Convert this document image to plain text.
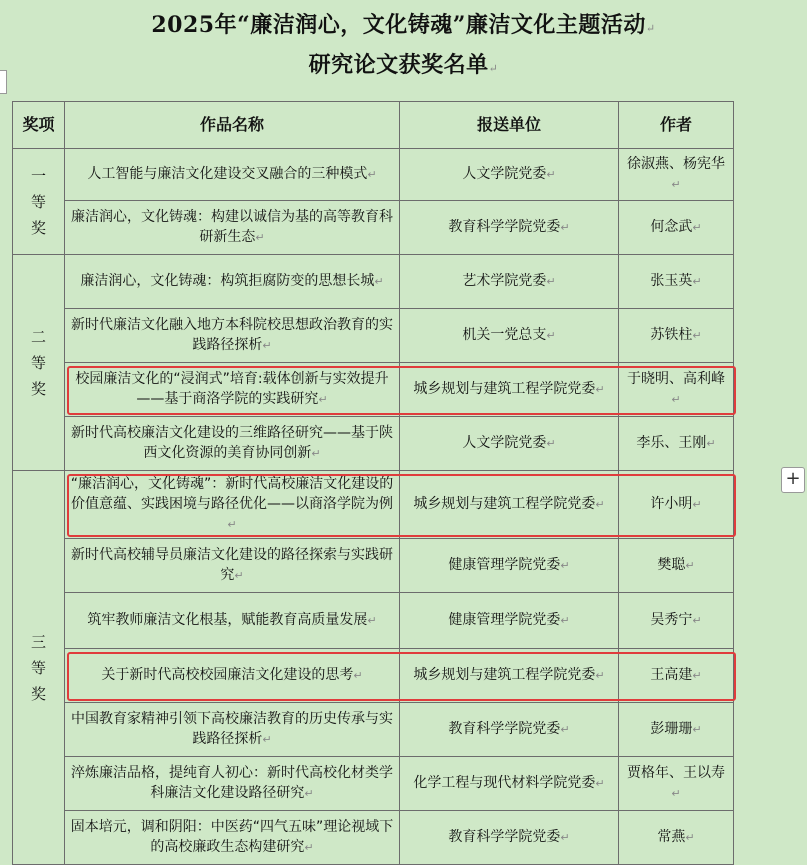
2025年“廉洁润心，文化铸魂”廉洁文化主题活动↵
研究论文获奖名单↵
奖项	作品名称	报送单位	作者
一等奖	人工智能与廉洁文化建设交叉融合的三种模式↵	人文学院党委↵	徐淑燕、杨宪华↵
	廉洁润心，文化铸魂：构建以诚信为基的高等教育科研新生态↵	教育科学学院党委↵	何念武↵
二等奖	廉洁润心，文化铸魂：构筑拒腐防变的思想长城↵	艺术学院党委↵	张玉英↵
	新时代廉洁文化融入地方本科院校思想政治教育的实践路径探析↵	机关一党总支↵	苏铁柱↵
	校园廉洁文化的“浸润式”培育:载体创新与实效提升——基于商洛学院的实践研究↵	城乡规划与建筑工程学院党委↵	于晓明、高利峰↵
	新时代高校廉洁文化建设的三维路径研究——基于陕西文化资源的美育协同创新↵	人文学院党委↵	李乐、王刚↵
三等奖	“廉洁润心，文化铸魂”：新时代高校廉洁文化建设的价值意蕴、实践困境与路径优化——以商洛学院为例↵	城乡规划与建筑工程学院党委↵	许小明↵
	新时代高校辅导员廉洁文化建设的路径探索与实践研究↵	健康管理学院党委↵	樊聪↵
	筑牢教师廉洁文化根基，赋能教育高质量发展↵	健康管理学院党委↵	吴秀宁↵
	关于新时代高校校园廉洁文化建设的思考↵	城乡规划与建筑工程学院党委↵	王高建↵
	中国教育家精神引领下高校廉洁教育的历史传承与实践路径探析↵	教育科学学院党委↵	彭珊珊↵
	淬炼廉洁品格，提纯育人初心：新时代高校化材类学科廉洁文化建设路径研究↵	化学工程与现代材料学院党委↵	贾格年、王以寿↵
	固本培元，调和阴阳：中医药“四气五味”理论视域下的高校廉政生态构建研究↵	教育科学学院党委↵	常燕↵
+
